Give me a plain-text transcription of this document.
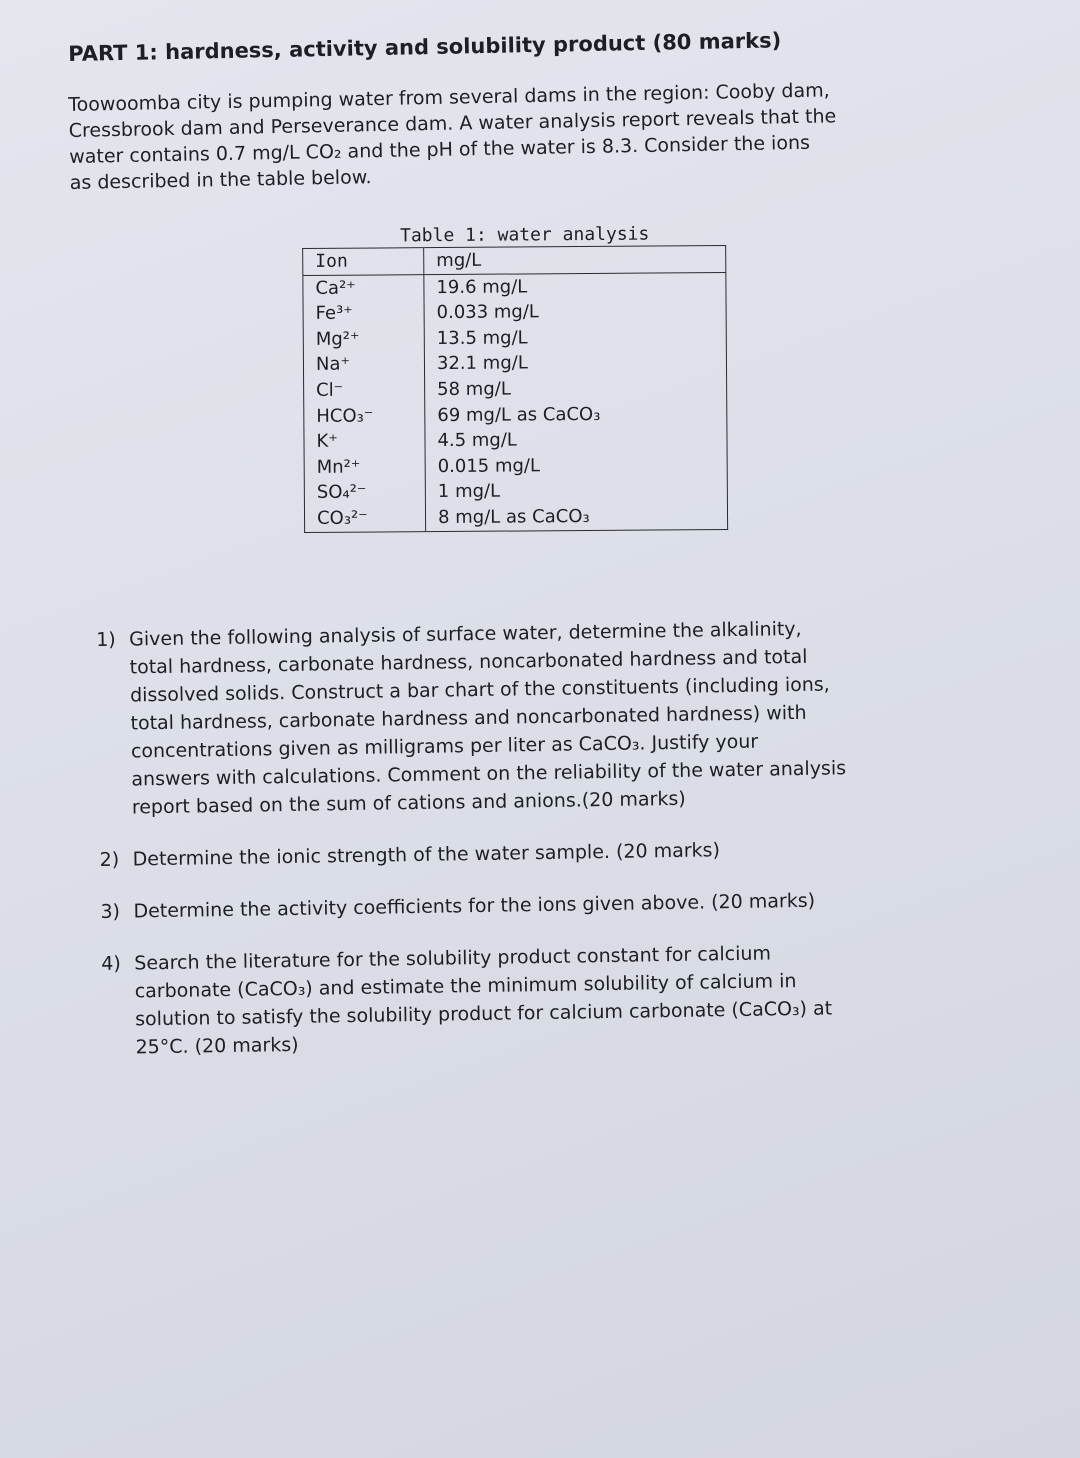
PART 1: hardness, activity and solubility product (80 marks)
Toowoomba city is pumping water from several dams in the region: Cooby dam,
Cressbrook dam and Perseverance dam. A water analysis report reveals that the
water contains 0.7 mg/L CO₂ and the pH of the water is 8.3. Consider the ions
as described in the table below.
Table 1: water analysis
Ion	mg/L
Ca²⁺	19.6 mg/L
Fe³⁺	0.033 mg/L
Mg²⁺	13.5 mg/L
Na⁺	32.1 mg/L
Cl⁻	58 mg/L
HCO₃⁻	69 mg/L as CaCO₃
K⁺	4.5 mg/L
Mn²⁺	0.015 mg/L
SO₄²⁻	1 mg/L
CO₃²⁻	8 mg/L as CaCO₃
1) Given the following analysis of surface water, determine the alkalinity,
total hardness, carbonate hardness, noncarbonated hardness and total
dissolved solids. Construct a bar chart of the constituents (including ions,
total hardness, carbonate hardness and noncarbonated hardness) with
concentrations given as milligrams per liter as CaCO₃. Justify your
answers with calculations. Comment on the reliability of the water analysis
report based on the sum of cations and anions.(20 marks)
2) Determine the ionic strength of the water sample. (20 marks)
3) Determine the activity coefficients for the ions given above. (20 marks)
4) Search the literature for the solubility product constant for calcium
carbonate (CaCO₃) and estimate the minimum solubility of calcium in
solution to satisfy the solubility product for calcium carbonate (CaCO₃) at
25°C. (20 marks)
